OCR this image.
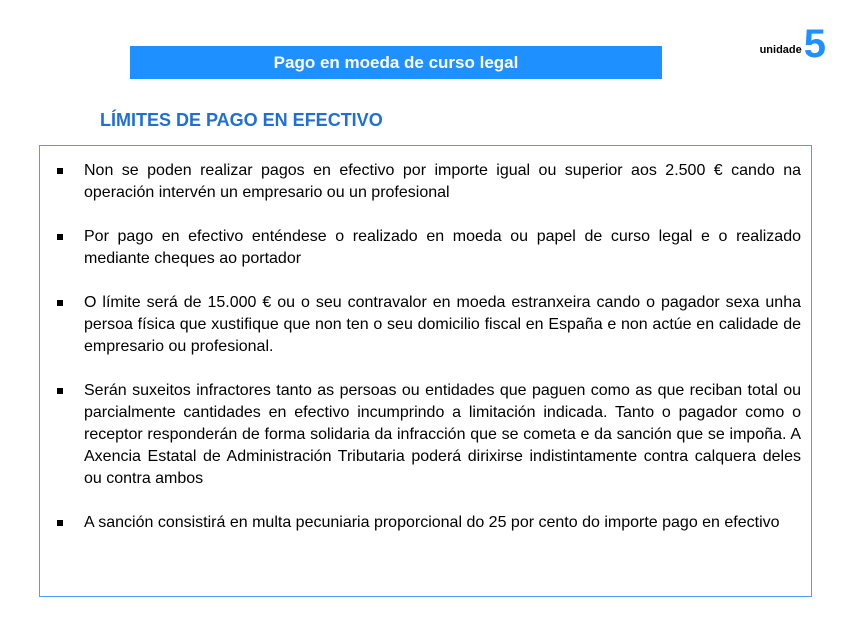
unidade 5
Pago en moeda de curso legal
LÍMITES DE PAGO EN EFECTIVO
Non se poden realizar pagos en efectivo por importe igual ou superior aos 2.500 € cando na operación intervén un empresario ou un profesional
Por pago en efectivo enténdese o realizado en moeda ou papel de curso legal e o realizado mediante cheques ao portador
O límite será de 15.000 € ou o seu contravalor en moeda estranxeira cando o pagador sexa unha persoa física que xustifique que non ten o seu domicilio fiscal en España e non actúe en calidade de empresario ou profesional.
Serán suxeitos infractores tanto as persoas ou entidades que paguen como as que reciban total ou parcialmente cantidades en efectivo incumprindo a limitación indicada. Tanto o pagador como o receptor responderán de forma solidaria da infracción que se cometa e da sanción que se impoña. A Axencia Estatal de Administración Tributaria poderá dirixirse indistintamente contra calquera deles ou contra ambos
A sanción consistirá en multa pecuniaria proporcional do 25 por cento do importe pago en efectivo
